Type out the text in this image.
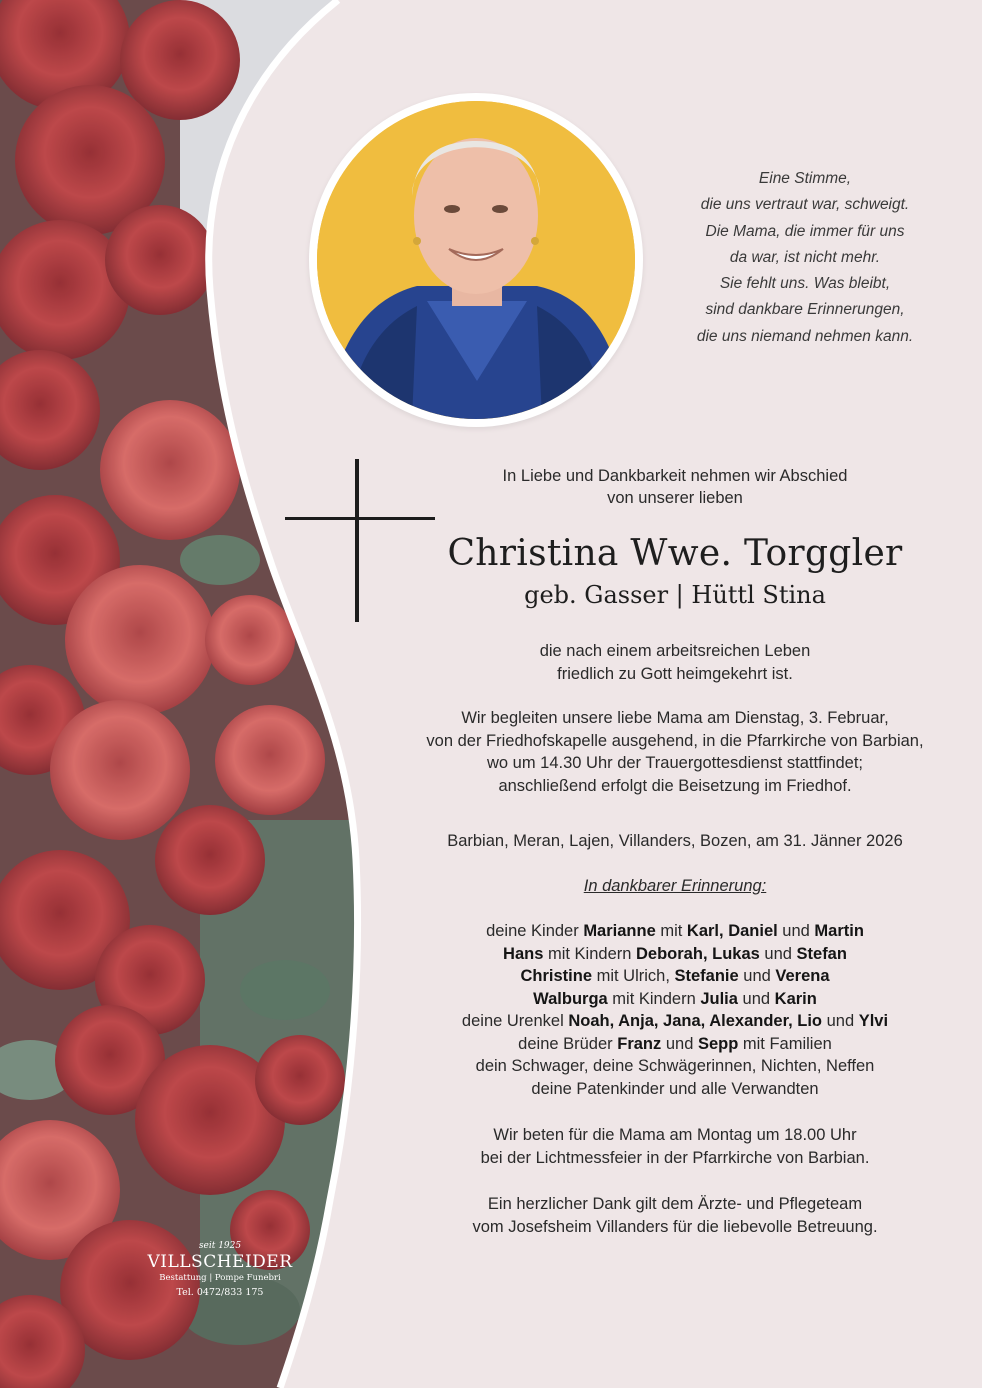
Eine Stimme,
die uns vertraut war, schweigt.
Die Mama, die immer für uns
da war, ist nicht mehr.
Sie fehlt uns. Was bleibt,
sind dankbare Erinnerungen,
die uns niemand nehmen kann.
In Liebe und Dankbarkeit nehmen wir Abschied
von unserer lieben
Christina Wwe. Torggler
geb. Gasser | Hüttl Stina
die nach einem arbeitsreichen Leben
friedlich zu Gott heimgekehrt ist.
Wir begleiten unsere liebe Mama am Dienstag, 3. Februar,
von der Friedhofskapelle ausgehend, in die Pfarrkirche von Barbian,
wo um 14.30 Uhr der Trauergottesdienst stattfindet;
anschließend erfolgt die Beisetzung im Friedhof.
Barbian, Meran, Lajen, Villanders, Bozen, am 31. Jänner 2026
In dankbarer Erinnerung:
deine Kinder Marianne mit Karl, Daniel und Martin
Hans mit Kindern Deborah, Lukas und Stefan
Christine mit Ulrich, Stefanie und Verena
Walburga mit Kindern Julia und Karin
deine Urenkel Noah, Anja, Jana, Alexander, Lio und Ylvi
deine Brüder Franz und Sepp mit Familien
dein Schwager, deine Schwägerinnen, Nichten, Neffen
deine Patenkinder und alle Verwandten
Wir beten für die Mama am Montag um 18.00 Uhr
bei der Lichtmessfeier in der Pfarrkirche von Barbian.
Ein herzlicher Dank gilt dem Ärzte- und Pflegeteam
vom Josefsheim Villanders für die liebevolle Betreuung.
seit 1925
VILLSCHEIDER
Bestattung | Pompe Funebri
Tel. 0472/833 175
